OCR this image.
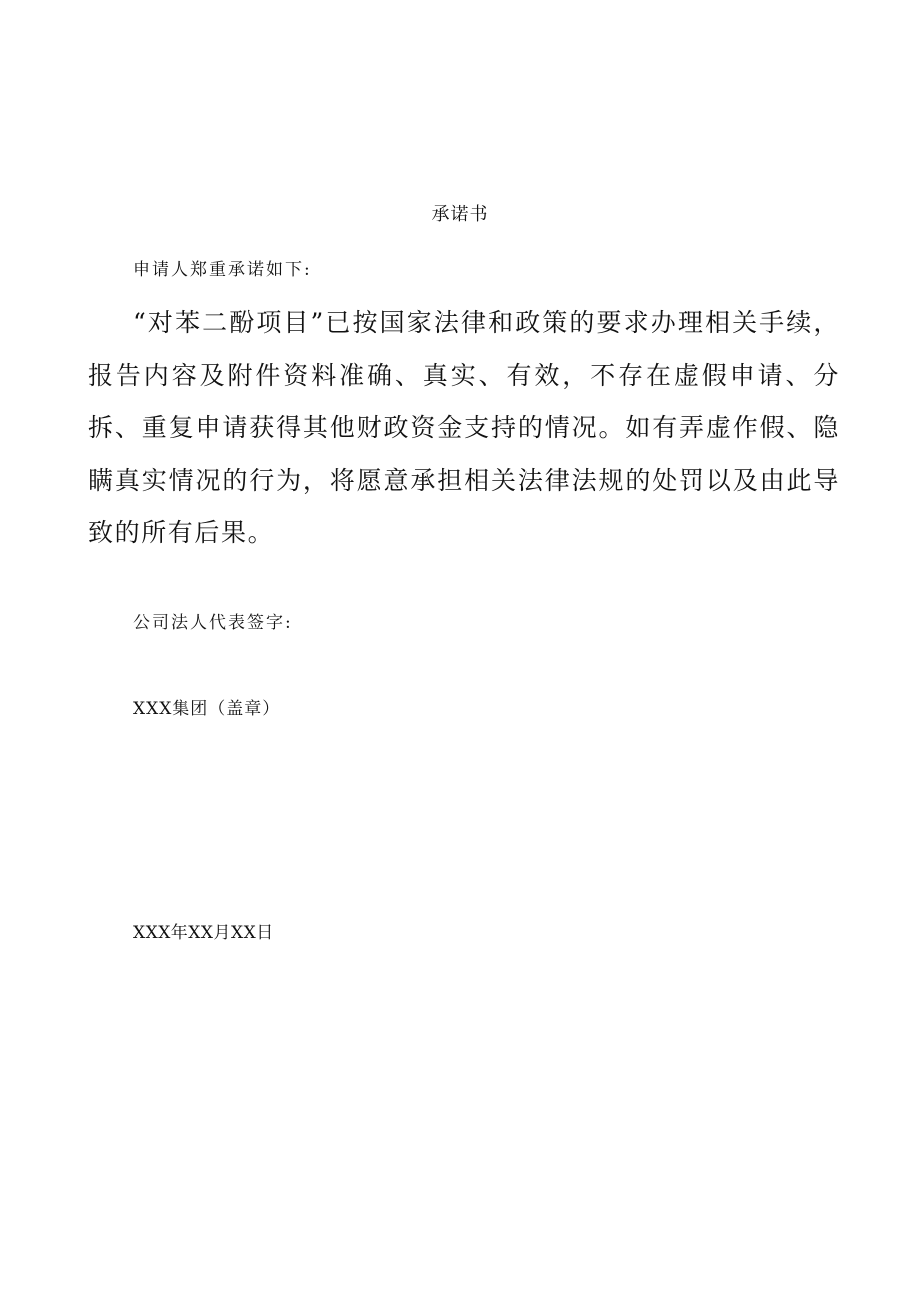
承诺书
申请人郑重承诺如下:
“对苯二酚项目”已按国家法律和政策的要求办理相关手续，报告内容及附件资料准确、真实、有效，不存在虚假申请、分拆、重复申请获得其他财政资金支持的情况。如有弄虚作假、隐瞒真实情况的行为，将愿意承担相关法律法规的处罚以及由此导致的所有后果。
公司法人代表签字:
XXX集团（盖章）
XXX年XX月XX日
